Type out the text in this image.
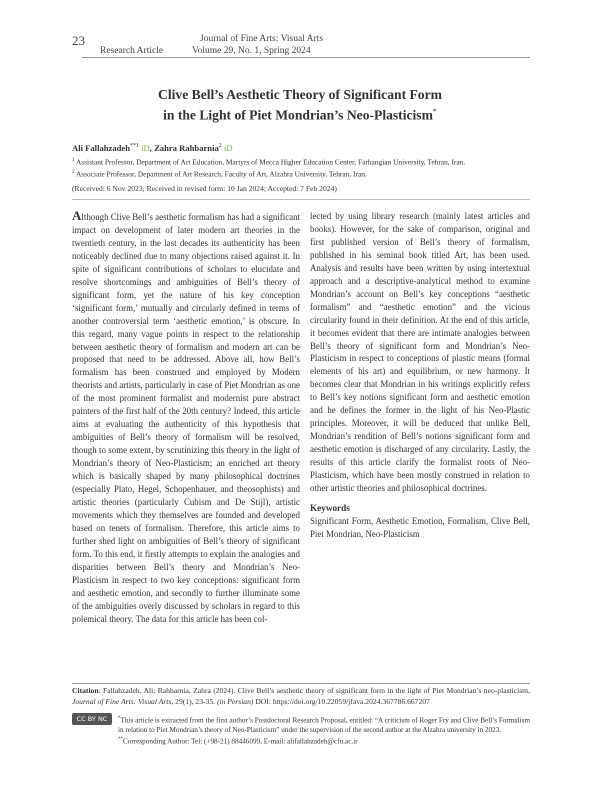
23	Journal of Fine Arts: Visual Arts
Research Article	Volume 29, No. 1, Spring 2024
Clive Bell’s Aesthetic Theory of Significant Form
in the Light of Piet Mondrian’s Neo-Plasticism*
Ali Fallahzadeh$^{**1}$ iD, Zahra Rahbarnia$^2$ iD
$^1$ Assistant Professor, Department of Art Education, Martyrs of Mecca Higher Education Center, Farhangian University, Tehran, Iran.
$^2$ Associate Professor, Department of Art Research, Faculty of Art, Alzahra University, Tehran, Iran.
(Received: 6 Nov 2023; Received in revised form: 10 Jan 2024; Accepted: 7 Feb 2024)

Although Clive Bell’s aesthetic formalism has had a significant impact on development of later modern art theories in the twentieth century, in the last decades its authenticity has been noticeably declined due to many objections raised against it. In spite of significant contributions of scholars to elucidate and resolve shortcomings and ambiguities of Bell’s theory of significant form, yet the nature of his key conception ‘significant form,’ mutually and circularly defined in terms of another controversial term ‘aesthetic emotion,’ is obscure. In this regard, many vague points in respect to the relationship between aesthetic theory of formalism and modern art can be proposed that need to be addressed. Above all, how Bell’s formalism has been construed and employed by Modern theorists and artists, particularly in case of Piet Mondrian as one of the most prominent formalist and modernist pure abstract painters of the first half of the 20th century? Indeed, this article aims at evaluating the authenticity of this hypothesis that ambiguities of Bell’s theory of formalism will be resolved, though to some extent, by scrutinizing this theory in the light of Mondrian’s theory of Neo-Plasticism; an enriched art theory which is basically shaped by many philosophical doctrines (especially Plato, Hegel, Schopenhauer, and theosophists) and artistic theories (particularly Cubism and De Stijl), artistic movements which they themselves are founded and developed based on tenets of formalism. Therefore, this article aims to further shed light on ambiguities of Bell’s theory of significant form. To this end, it firstly attempts to explain the analogies and disparities between Bell’s theory and Mondrian’s Neo-Plasticism in respect to two key conceptions: significant form and aesthetic emotion, and secondly to further illuminate some of the ambiguities overly discussed by scholars in regard to this polemical theory. The data for this article has been col-

lected by using library research (mainly latest articles and books). However, for the sake of comparison, original and first published version of Bell’s theory of formalism, published in his seminal book titled Art, has been used. Analysis and results have been written by using intertextual approach and a descriptive-analytical method to examine Mondrian’s account on Bell’s key conceptions “aesthetic formalism” and “aesthetic emotion” and the vicious circularity found in their definition. At the end of this article, it becomes evident that there are intimate analogies between Bell’s theory of significant form and Mondrian’s Neo-Plasticism in respect to conceptions of plastic means (formal elements of his art) and equilibrium, or new harmony. It becomes clear that Mondrian in his writings explicitly refers to Bell’s key notions significant form and aesthetic emotion and he defines the former in the light of his Neo-Plastic principles. Moreover, it will be deduced that unlike Bell, Mondrian’s rendition of Bell’s notions significant form and aesthetic emotion is discharged of any circularity. Lastly, the results of this article clarify the formalist roots of Neo-Plasticism, which have been mostly construed in relation to other artistic theories and philosophical doctrines.

Keywords
Significant Form, Aesthetic Emotion, Formalism, Clive Bell, Piet Mondrian, Neo-Plasticism
Citation: Fallahzadeh, Ali; Rahbarnia, Zahra (2024). Clive Bell’s aesthetic theory of significant form in the light of Piet Mondrian’s neo-plasticism, Journal of Fine Arts: Visual Arts, 29(1), 23-35. (in Persian) DOI: https://doi.org/10.22059/jfava.2024.367786.667207
CC BY NC	*This article is extracted from the first author’s Postdoctoral Research Proposal, entitled: “A criticism of Roger Fry and Clive Bell’s Formalism in relation to Piet Mondrian’s theory of Neo-Plasticism” under the supervision of the second author at the Alzahra university in 2023.
**Corresponding Author: Tel: (+98-21) 88446099, E-mail: alifallahzadeh@cfu.ac.ir
